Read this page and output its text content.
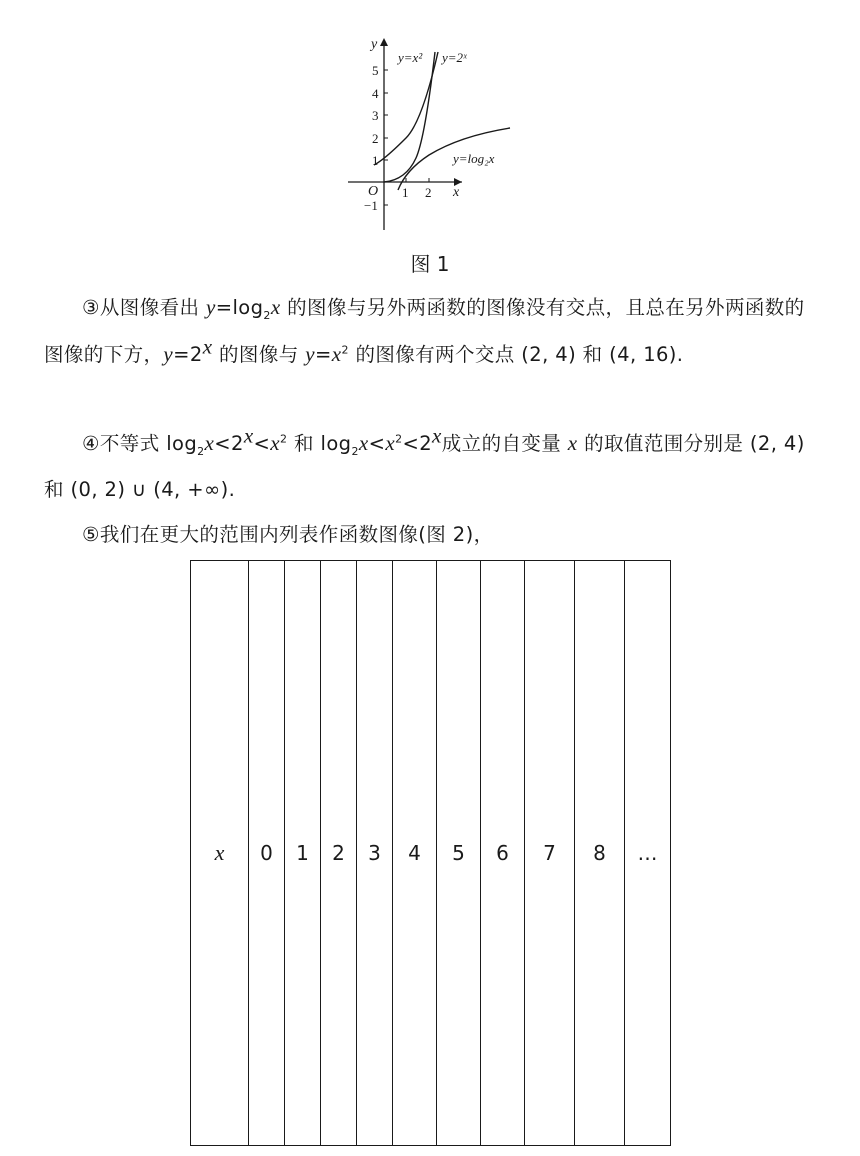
y
x
O
5
4
3
2
1
−1
1 2
y=x² y=2ˣ
y=log₂x
图 1
③从图像看出 $y=\log_2x$ 的图像与另外两函数的图像没有交点，且总在另外两函数的图像的下方，$y=2^x$ 的图像与 $y=x^2$ 的图像有两个交点 (2, 4) 和 (4, 16).
④不等式 $\log_2x<2^x<x^2$ 和 $\log_2x<x^2<2^x$成立的自变量 x 的取值范围分别是 (2, 4) 和 (0, 2) ∪ (4, +∞).
⑤我们在更大的范围内列表作函数图像(图 2)，
x	0	1	2	3	4	5	6	7	8	…
